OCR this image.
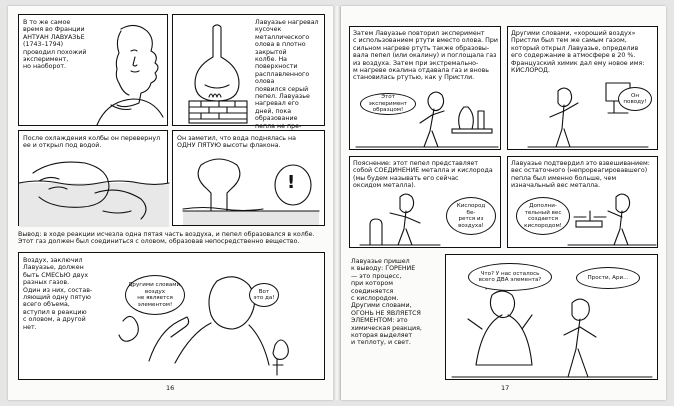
В то же самое
время во Франции
АНТУАН ЛАВУАЗЬЕ
(1743–1794)
проводил похожий
эксперимент,
но наоборот.
Лавуазье нагревал кусочек
металлического
олова в плотно закрытой
колбе. На поверхности
расплавленного олова
появился серый
пепел. Лавуазье
нагревал его
дней, пока
образование
пепла не пре-

После охлаждения колбы он перевернул
ее и открыл под водой.
Он заметил, что вода поднялась на
ОДНУ ПЯТУЮ высоты флакона.
!
Вывод: в ходе реакции исчезла одна пятая часть воздуха, и пепел образовался в колбе.
Этот газ должен был соединиться с оловом, образовав непосредственно вещество.
Воздух, заключил
Лавуазье, должен
быть СМЕСЬЮ двух
разных газов.
Один из них, состав-
ляющий одну пятую
всего объема,
вступил в реакцию
с оловом, а другой
нет.
Другими словами,
воздух
не является
элементом!
Вот
это да!
16
Затем Лавуазье повторил эксперимент
с использованием ртути вместо олова. При
сильном нагреве ртуть также образовы-
вала пепел (или окалину) и поглощала газ
из воздуха. Затем при экстремально-
м нагреве окалина отдавала газ и вновь
становилась ртутью, как у Пристли.
Этот эксперимент
образцом!
Другими словами, «хороший воздух»
Пристли был тем же самым газом,
который открыл Лавуазье, определив
его содержание в атмосфере в 20 %.
Французский химик дал ему новое имя:
КИСЛОРОД.
Он
поводу!
Пояснение: этот пепел представляет
собой СОЕДИНЕНИЕ металла и кислорода
(мы будем называть его сейчас
оксидом металла).
Кислород
бе-
рется из
воздуха!
Лавуазье подтвердил это взвешиванием:
вес остаточного (непрореагировавшего)
пепла был именно больше, чем
изначальный вес металла.
Дополни-
тельный вес
создается
кислородом!
Лавуазье пришел
к выводу: ГОРЕНИЕ
— это процесс,
при котором
соединяется
с кислородом.
Другими словами,
ОГОНЬ НЕ ЯВЛЯЕТСЯ
ЭЛЕМЕНТОМ: это
химическая реакция,
которая выделяет
и теплоту, и свет.
Что? У нас осталось
всего ДВА элемента?	Прости, Ари...
17
